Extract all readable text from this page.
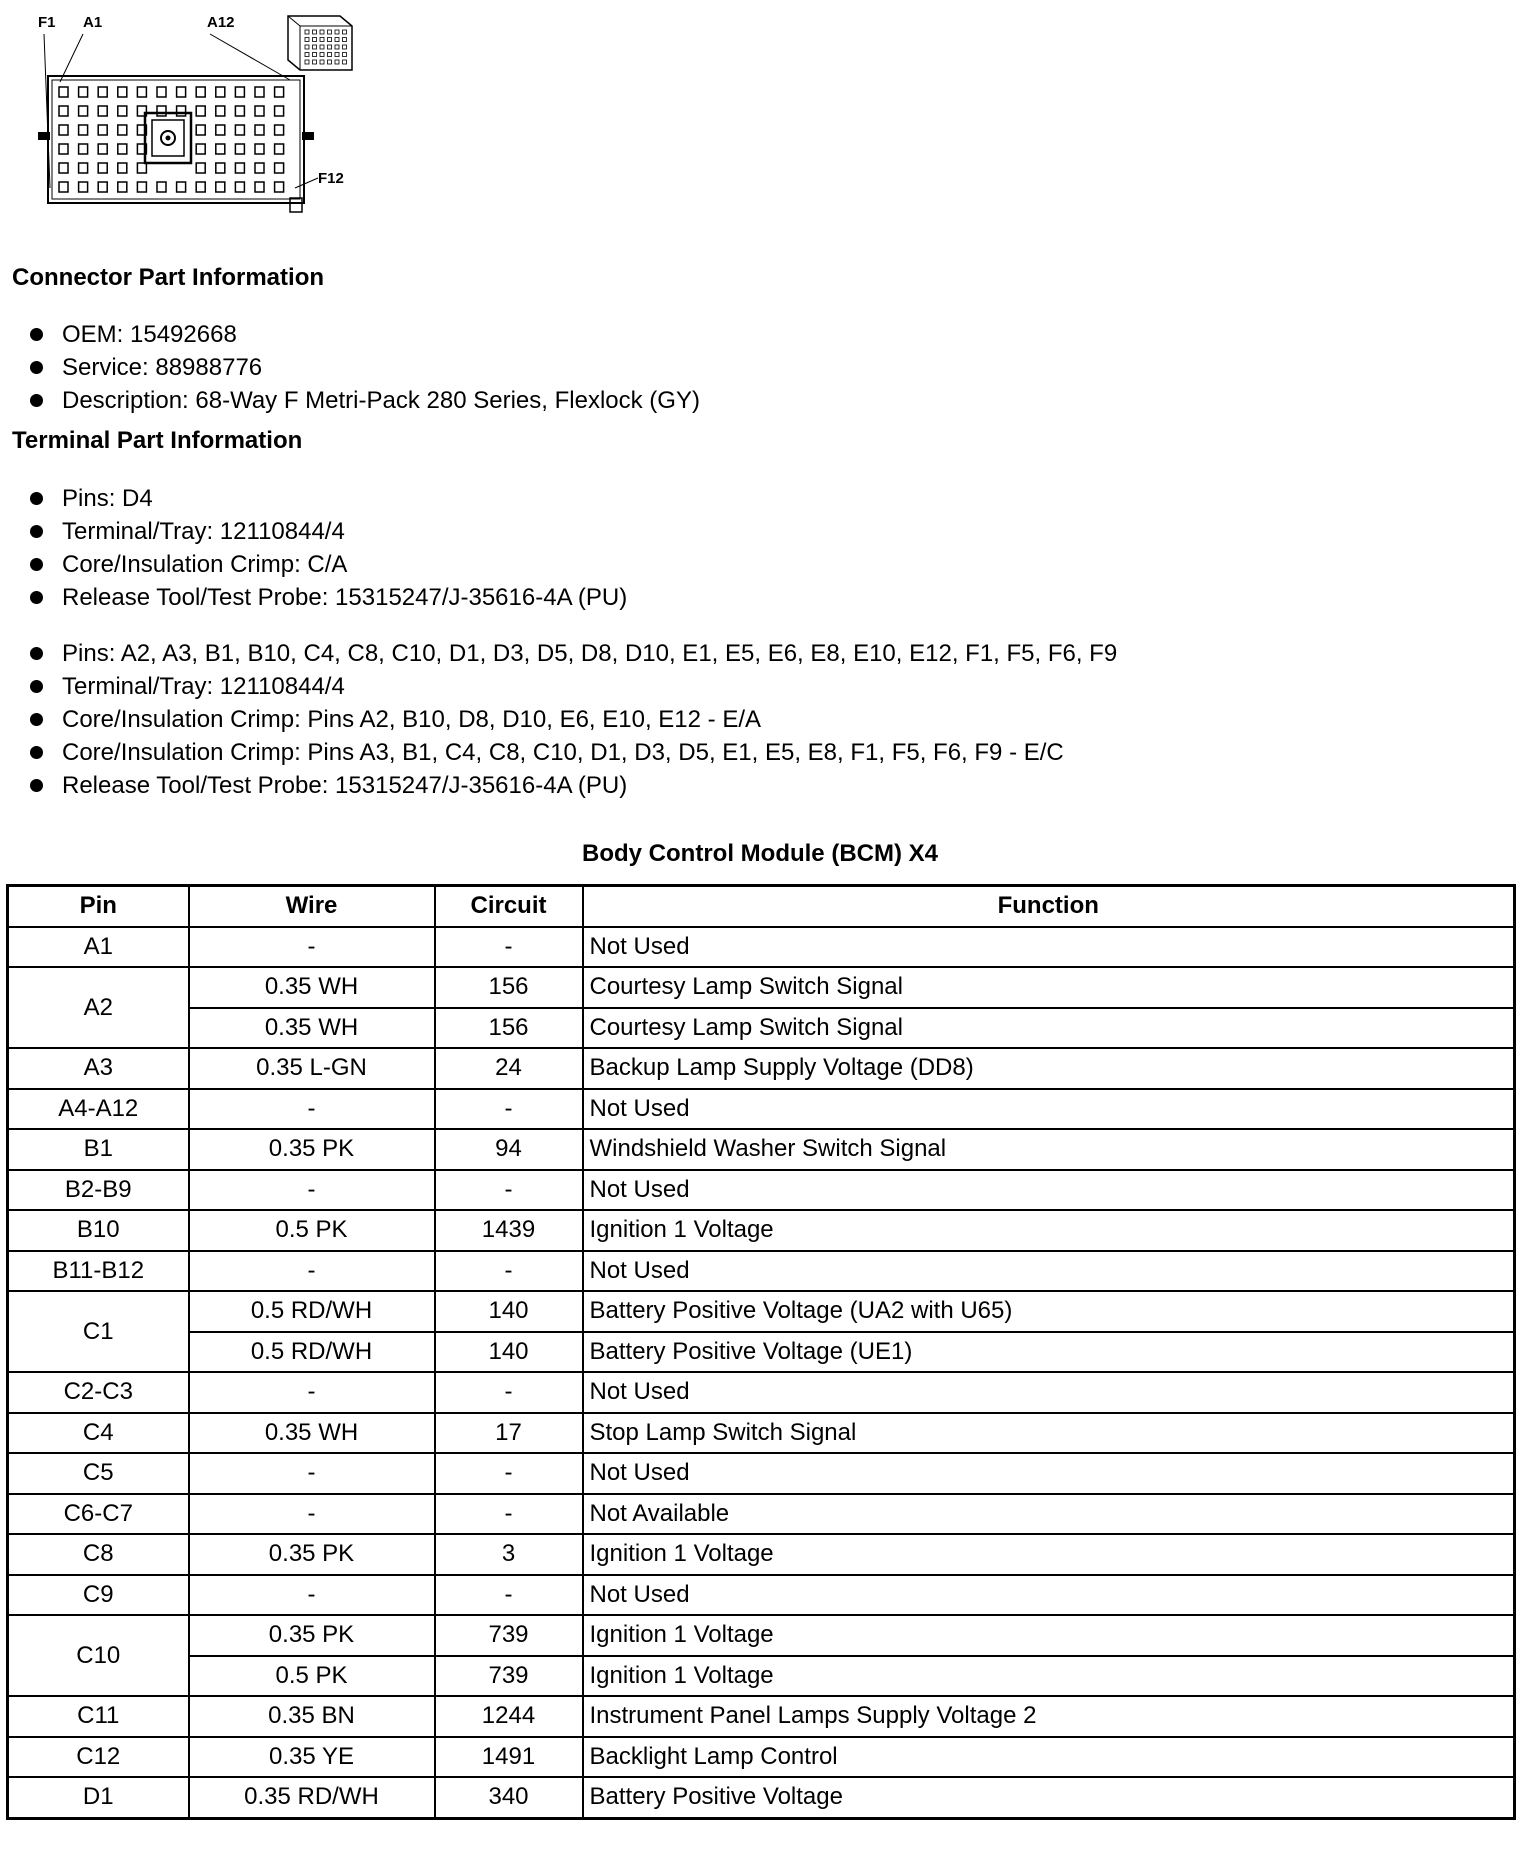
F1 A1	A12
F12
Connector Part Information
OEM: 15492668
Service: 88988776
Description: 68-Way F Metri-Pack 280 Series, Flexlock (GY)
Terminal Part Information
Pins: D4
Terminal/Tray: 12110844/4
Core/Insulation Crimp: C/A
Release Tool/Test Probe: 15315247/J-35616-4A (PU)
Pins: A2, A3, B1, B10, C4, C8, C10, D1, D3, D5, D8, D10, E1, E5, E6, E8, E10, E12, F1, F5, F6, F9
Terminal/Tray: 12110844/4
Core/Insulation Crimp: Pins A2, B10, D8, D10, E6, E10, E12 - E/A
Core/Insulation Crimp: Pins A3, B1, C4, C8, C10, D1, D3, D5, E1, E5, E8, F1, F5, F6, F9 - E/C
Release Tool/Test Probe: 15315247/J-35616-4A (PU)
Body Control Module (BCM) X4
Pin	Wire	Circuit	Function
A1	-	-	Not Used
A2	0.35 WH	156	Courtesy Lamp Switch Signal
	0.35 WH	156	Courtesy Lamp Switch Signal
A3	0.35 L-GN	24	Backup Lamp Supply Voltage (DD8)
A4-A12	-	-	Not Used
B1	0.35 PK	94	Windshield Washer Switch Signal
B2-B9	-	-	Not Used
B10	0.5 PK	1439	Ignition 1 Voltage
B11-B12	-	-	Not Used
C1	0.5 RD/WH	140	Battery Positive Voltage (UA2 with U65)
	0.5 RD/WH	140	Battery Positive Voltage (UE1)
C2-C3	-	-	Not Used
C4	0.35 WH	17	Stop Lamp Switch Signal
C5	-	-	Not Used
C6-C7	-	-	Not Available
C8	0.35 PK	3	Ignition 1 Voltage
C9	-	-	Not Used
C10	0.35 PK	739	Ignition 1 Voltage
	0.5 PK	739	Ignition 1 Voltage
C11	0.35 BN	1244	Instrument Panel Lamps Supply Voltage 2
C12	0.35 YE	1491	Backlight Lamp Control
D1	0.35 RD/WH	340	Battery Positive Voltage
